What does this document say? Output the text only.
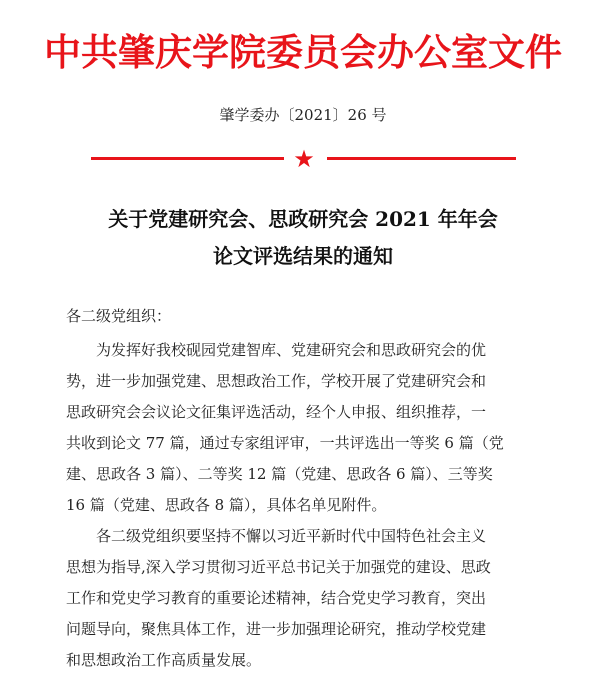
中共肇庆学院委员会办公室文件
肇学委办〔2021〕26 号
★
关于党建研究会、思政研究会 2021 年年会
论文评选结果的通知
各二级党组织：
为发挥好我校砚园党建智库、党建研究会和思政研究会的优
势，进一步加强党建、思想政治工作，学校开展了党建研究会和
思政研究会会议论文征集评选活动，经个人申报、组织推荐，一
共收到论文 77 篇，通过专家组评审，一共评选出一等奖 6 篇（党
建、思政各 3 篇）、二等奖 12 篇（党建、思政各 6 篇）、三等奖
16 篇（党建、思政各 8 篇），具体名单见附件。
各二级党组织要坚持不懈以习近平新时代中国特色社会主义
思想为指导,深入学习贯彻习近平总书记关于加强党的建设、思政
工作和党史学习教育的重要论述精神，结合党史学习教育，突出
问题导向，聚焦具体工作，进一步加强理论研究，推动学校党建
和思想政治工作高质量发展。
